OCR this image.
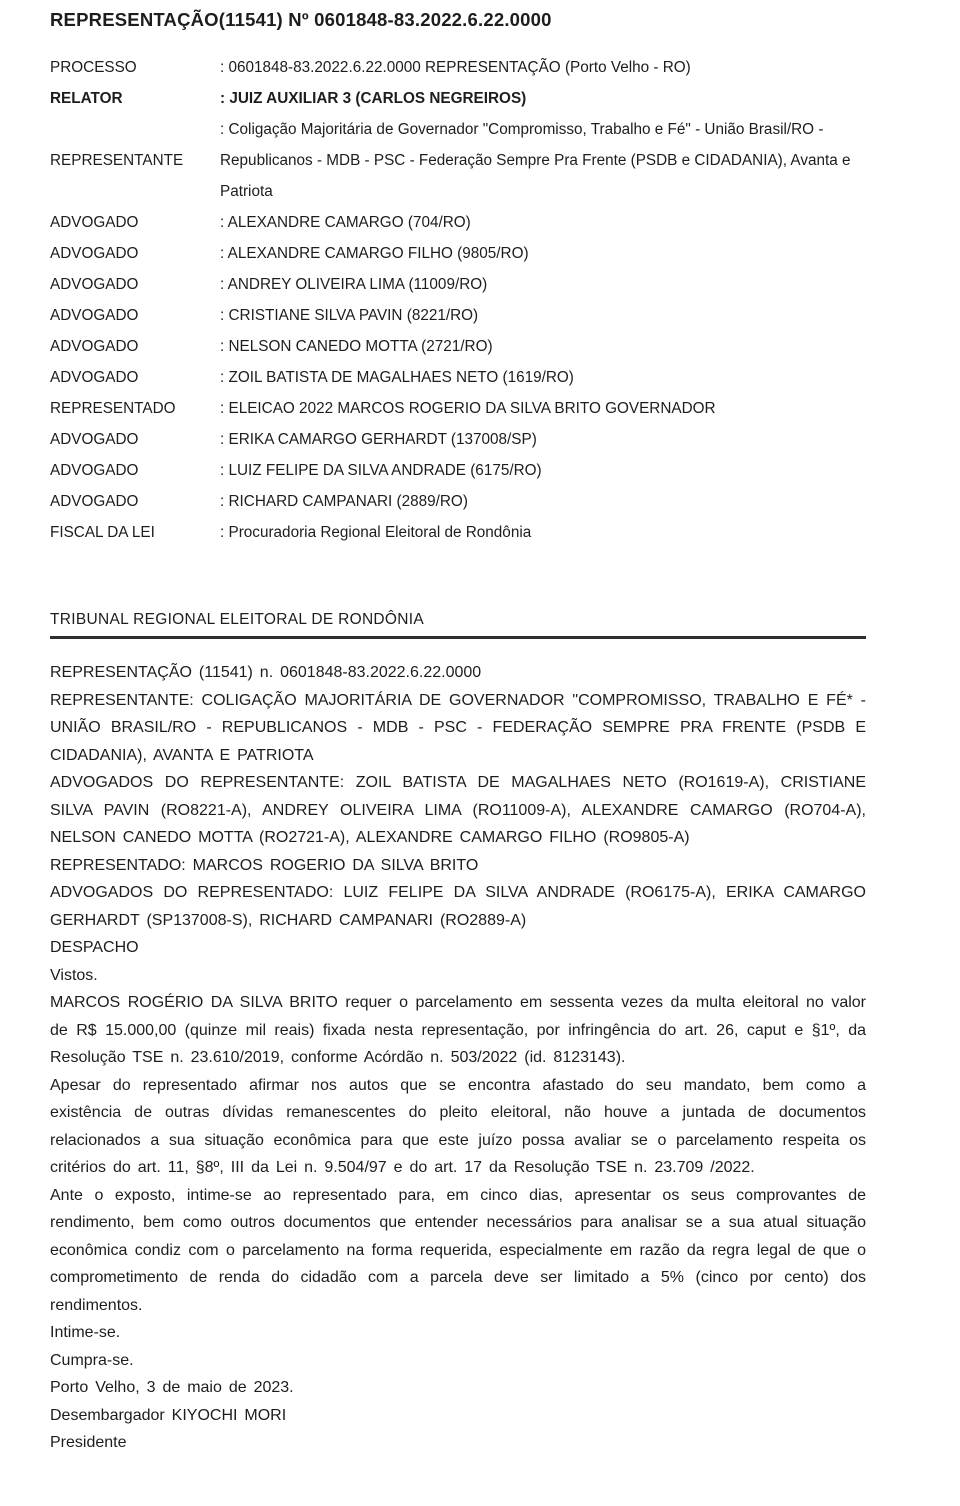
REPRESENTAÇÃO(11541) Nº 0601848-83.2022.6.22.0000
PROCESSO	: 0601848-83.2022.6.22.0000 REPRESENTAÇÃO (Porto Velho - RO)
RELATOR	: JUIZ AUXILIAR 3 (CARLOS NEGREIROS)
REPRESENTANTE
: Coligação Majoritária de Governador "Compromisso, Trabalho e Fé" - União Brasil/RO - Republicanos - MDB - PSC - Federação Sempre Pra Frente (PSDB e CIDADANIA), Avanta e Patriota
ADVOGADO	: ALEXANDRE CAMARGO (704/RO)
ADVOGADO	: ALEXANDRE CAMARGO FILHO (9805/RO)
ADVOGADO	: ANDREY OLIVEIRA LIMA (11009/RO)
ADVOGADO	: CRISTIANE SILVA PAVIN (8221/RO)
ADVOGADO	: NELSON CANEDO MOTTA (2721/RO)
ADVOGADO	: ZOIL BATISTA DE MAGALHAES NETO (1619/RO)
REPRESENTADO	: ELEICAO 2022 MARCOS ROGERIO DA SILVA BRITO GOVERNADOR
ADVOGADO	: ERIKA CAMARGO GERHARDT (137008/SP)
ADVOGADO	: LUIZ FELIPE DA SILVA ANDRADE (6175/RO)
ADVOGADO	: RICHARD CAMPANARI (2889/RO)
FISCAL DA LEI	: Procuradoria Regional Eleitoral de Rondônia
TRIBUNAL REGIONAL ELEITORAL DE RONDÔNIA

REPRESENTAÇÃO (11541) n. 0601848-83.2022.6.22.0000

REPRESENTANTE: COLIGAÇÃO MAJORITÁRIA DE GOVERNADOR "COMPROMISSO, TRABALHO E FÉ* - UNIÃO BRASIL/RO - REPUBLICANOS - MDB - PSC - FEDERAÇÃO SEMPRE PRA FRENTE (PSDB E CIDADANIA), AVANTA E PATRIOTA

ADVOGADOS DO REPRESENTANTE: ZOIL BATISTA DE MAGALHAES NETO (RO1619-A), CRISTIANE SILVA PAVIN (RO8221-A), ANDREY OLIVEIRA LIMA (RO11009-A), ALEXANDRE CAMARGO (RO704-A), NELSON CANEDO MOTTA (RO2721-A), ALEXANDRE CAMARGO FILHO (RO9805-A)

REPRESENTADO: MARCOS ROGERIO DA SILVA BRITO

ADVOGADOS DO REPRESENTADO: LUIZ FELIPE DA SILVA ANDRADE (RO6175-A), ERIKA CAMARGO GERHARDT (SP137008-S), RICHARD CAMPANARI (RO2889-A)

DESPACHO

Vistos.

MARCOS ROGÉRIO DA SILVA BRITO requer o parcelamento em sessenta vezes da multa eleitoral no valor de R$ 15.000,00 (quinze mil reais) fixada nesta representação, por infringência do art. 26, caput e §1º, da Resolução TSE n. 23.610/2019, conforme Acórdão n. 503/2022 (id. 8123143).

Apesar do representado afirmar nos autos que se encontra afastado do seu mandato, bem como a existência de outras dívidas remanescentes do pleito eleitoral, não houve a juntada de documentos relacionados a sua situação econômica para que este juízo possa avaliar se o parcelamento respeita os critérios do art. 11, §8º, III da Lei n. 9.504/97 e do art. 17 da Resolução TSE n. 23.709 /2022.

Ante o exposto, intime-se ao representado para, em cinco dias, apresentar os seus comprovantes de rendimento, bem como outros documentos que entender necessários para analisar se a sua atual situação econômica condiz com o parcelamento na forma requerida, especialmente em razão da regra legal de que o comprometimento de renda do cidadão com a parcela deve ser limitado a 5% (cinco por cento) dos rendimentos.

Intime-se.

Cumpra-se.

Porto Velho, 3 de maio de 2023.

Desembargador KIYOCHI MORI

Presidente
